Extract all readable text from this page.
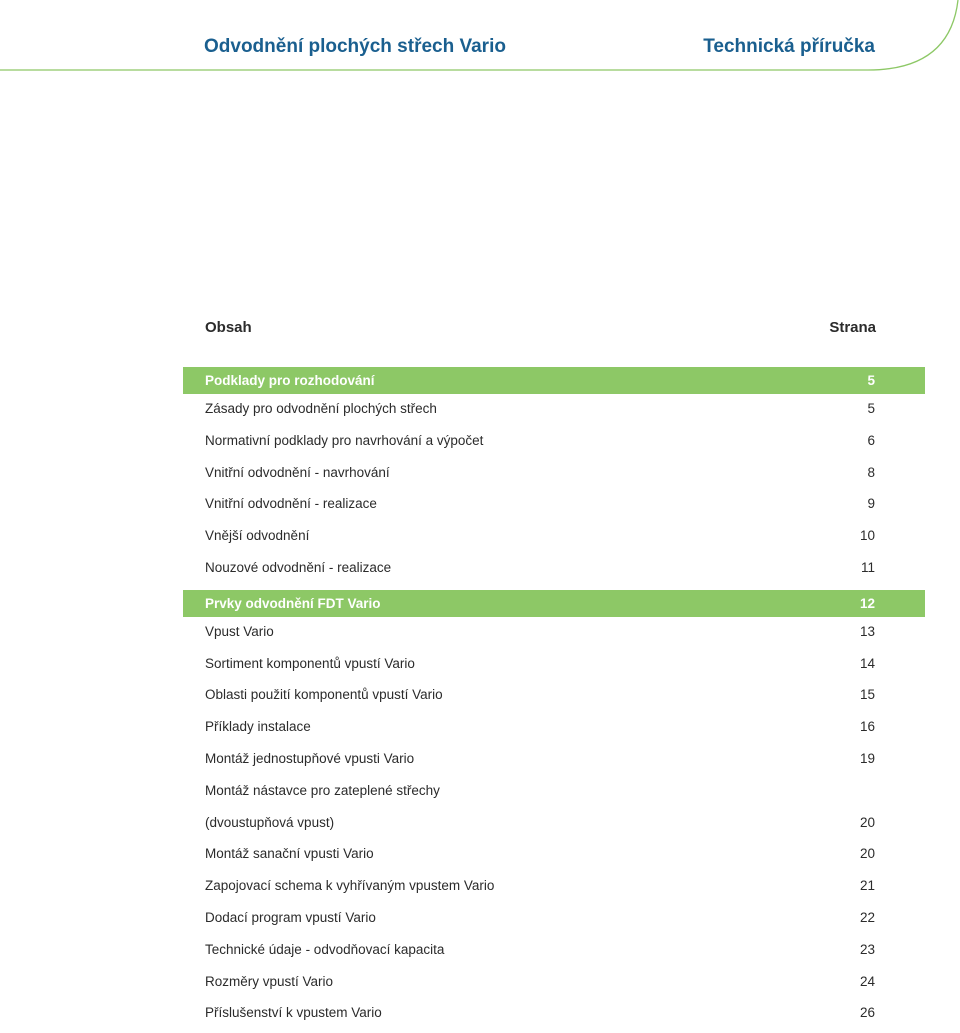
Odvodnění plochých střech Vario	Technická příručka
Obsah	Strana
Podklady pro rozhodování	5
Zásady pro odvodnění plochých střech	5
Normativní podklady pro navrhování a výpočet	6
Vnitřní odvodnění - navrhování	8
Vnitřní odvodnění - realizace	9
Vnější odvodnění	10
Nouzové odvodnění - realizace	11
Prvky odvodnění FDT Vario	12
Vpust Vario	13
Sortiment komponentů vpustí Vario	14
Oblasti použití komponentů vpustí Vario	15
Příklady instalace	16
Montáž jednostupňové vpusti Vario	19
Montáž nástavce pro zateplené střechy
(dvoustupňová vpust)	20
Montáž sanační vpusti Vario	20
Zapojovací schema k vyhřívaným vpustem Vario	21
Dodací program vpustí Vario	22
Technické údaje - odvodňovací kapacita	23
Rozměry vpustí Vario	24
Příslušenství k vpustem Vario	26
